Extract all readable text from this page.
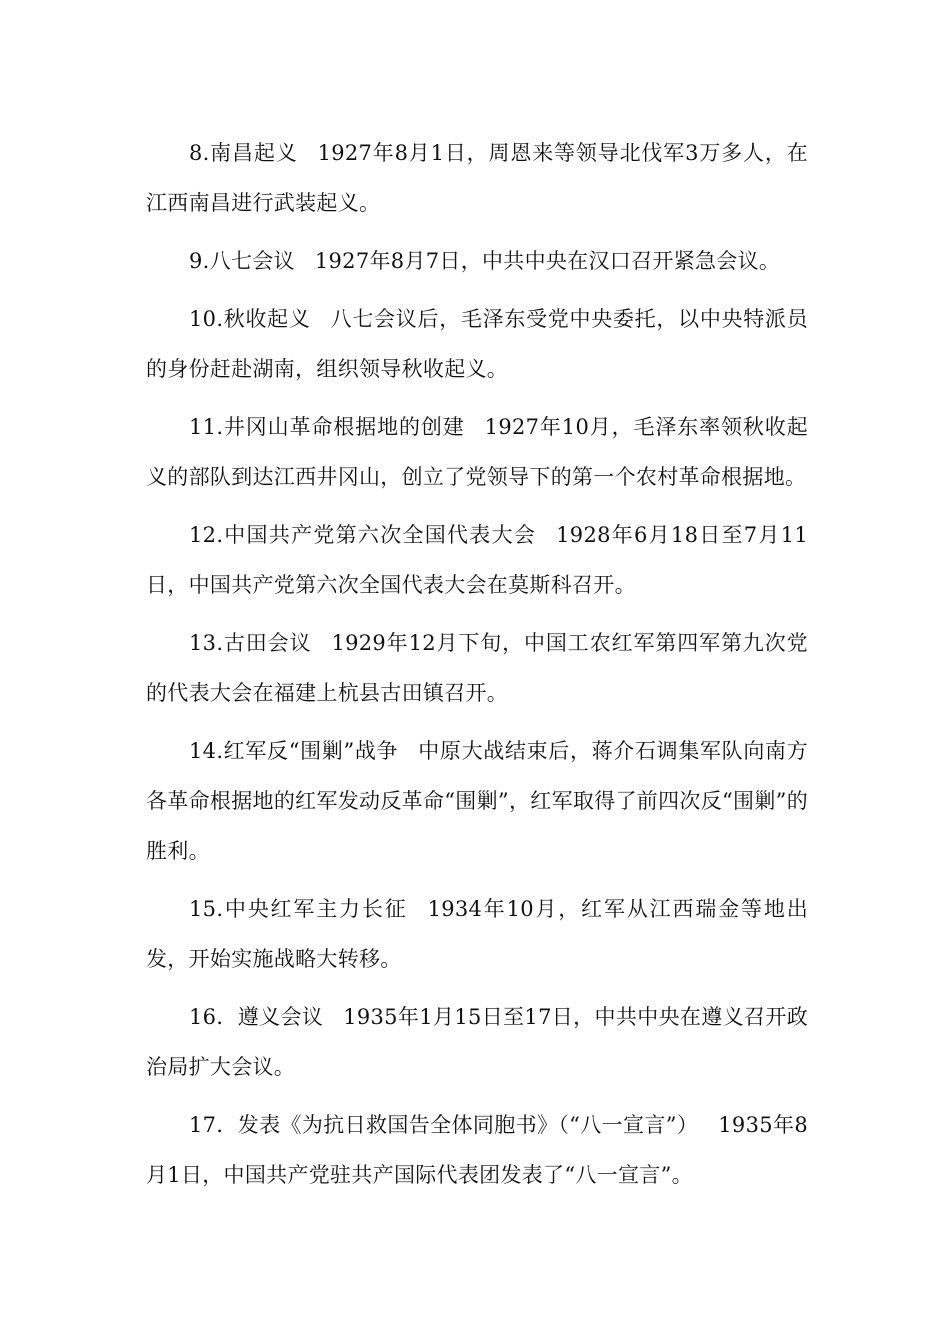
8.南昌起义 1927年8月1日，周恩来等领导北伐军3万多人，在江西南昌进行武装起义。

9.八七会议 1927年8月7日，中共中央在汉口召开紧急会议。

10.秋收起义 八七会议后，毛泽东受党中央委托，以中央特派员的身份赶赴湖南，组织领导秋收起义。

11.井冈山革命根据地的创建 1927年10月，毛泽东率领秋收起义的部队到达江西井冈山，创立了党领导下的第一个农村革命根据地。

12.中国共产党第六次全国代表大会 1928年6月18日至7月11日，中国共产党第六次全国代表大会在莫斯科召开。

13.古田会议 1929年12月下旬，中国工农红军第四军第九次党的代表大会在福建上杭县古田镇召开。

14.红军反“围剿”战争 中原大战结束后，蒋介石调集军队向南方各革命根据地的红军发动反革命“围剿”，红军取得了前四次反“围剿”的胜利。

15.中央红军主力长征 1934年10月，红军从江西瑞金等地出发，开始实施战略大转移。

16．遵义会议 1935年1月15日至17日，中共中央在遵义召开政治局扩大会议。

17．发表《为抗日救国告全体同胞书》（“八一宣言”） 1935年8月1日，中国共产党驻共产国际代表团发表了“八一宣言”。
